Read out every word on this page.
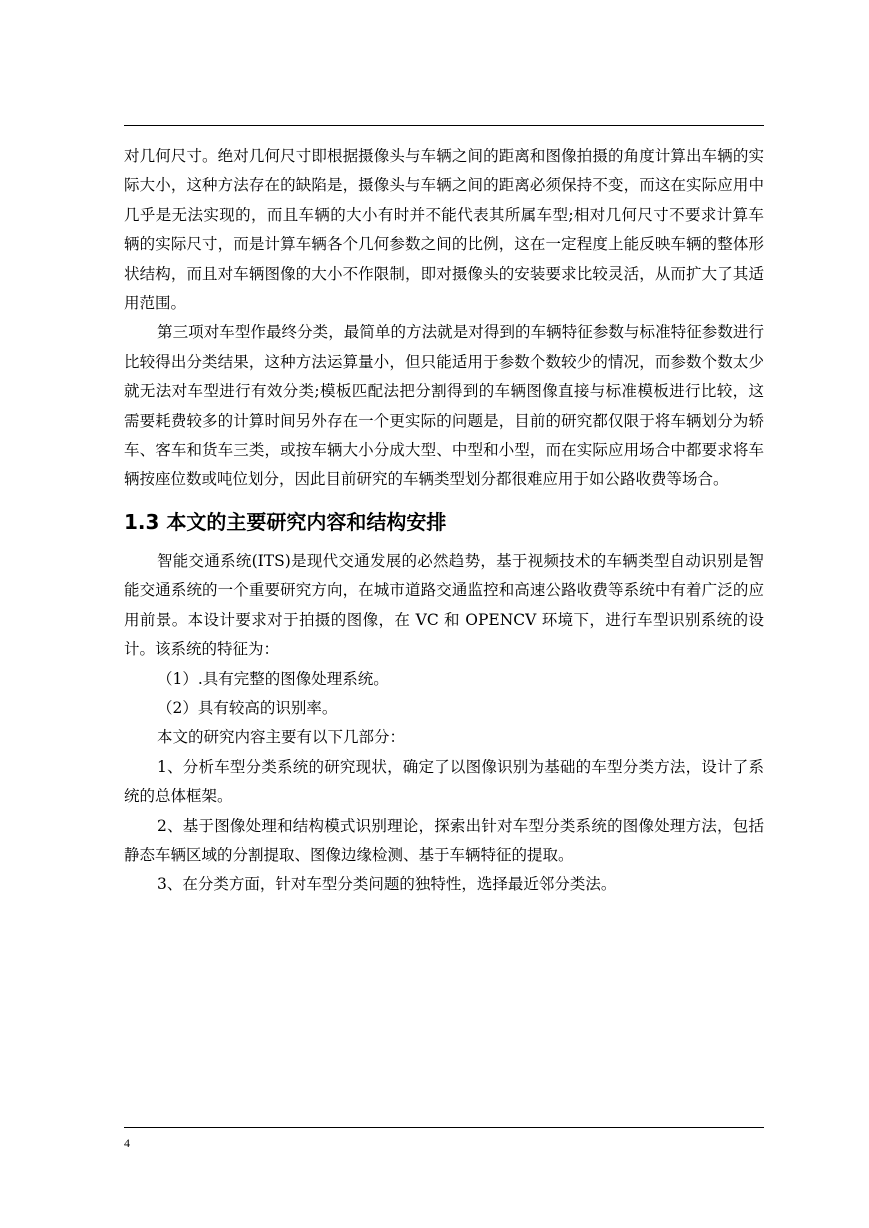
对几何尺寸。绝对几何尺寸即根据摄像头与车辆之间的距离和图像拍摄的角度计算出车辆的实际大小，这种方法存在的缺陷是，摄像头与车辆之间的距离必须保持不变，而这在实际应用中几乎是无法实现的，而且车辆的大小有时并不能代表其所属车型;相对几何尺寸不要求计算车辆的实际尺寸，而是计算车辆各个几何参数之间的比例，这在一定程度上能反映车辆的整体形状结构，而且对车辆图像的大小不作限制，即对摄像头的安装要求比较灵活，从而扩大了其适用范围。

第三项对车型作最终分类，最简单的方法就是对得到的车辆特征参数与标准特征参数进行比较得出分类结果，这种方法运算量小，但只能适用于参数个数较少的情况，而参数个数太少就无法对车型进行有效分类;模板匹配法把分割得到的车辆图像直接与标准模板进行比较，这需要耗费较多的计算时间另外存在一个更实际的问题是，目前的研究都仅限于将车辆划分为轿车、客车和货车三类，或按车辆大小分成大型、中型和小型，而在实际应用场合中都要求将车辆按座位数或吨位划分，因此目前研究的车辆类型划分都很难应用于如公路收费等场合。

1.3 本文的主要研究内容和结构安排

智能交通系统(ITS)是现代交通发展的必然趋势，基于视频技术的车辆类型自动识别是智能交通系统的一个重要研究方向，在城市道路交通监控和高速公路收费等系统中有着广泛的应用前景。本设计要求对于拍摄的图像，在 VC 和 OPENCV 环境下，进行车型识别系统的设计。该系统的特征为：

（1）.具有完整的图像处理系统。

（2）具有较高的识别率。

本文的研究内容主要有以下几部分：

1、分析车型分类系统的研究现状，确定了以图像识别为基础的车型分类方法，设计了系统的总体框架。

2、基于图像处理和结构模式识别理论，探索出针对车型分类系统的图像处理方法，包括静态车辆区域的分割提取、图像边缘检测、基于车辆特征的提取。

3、在分类方面，针对车型分类问题的独特性，选择最近邻分类法。

4
